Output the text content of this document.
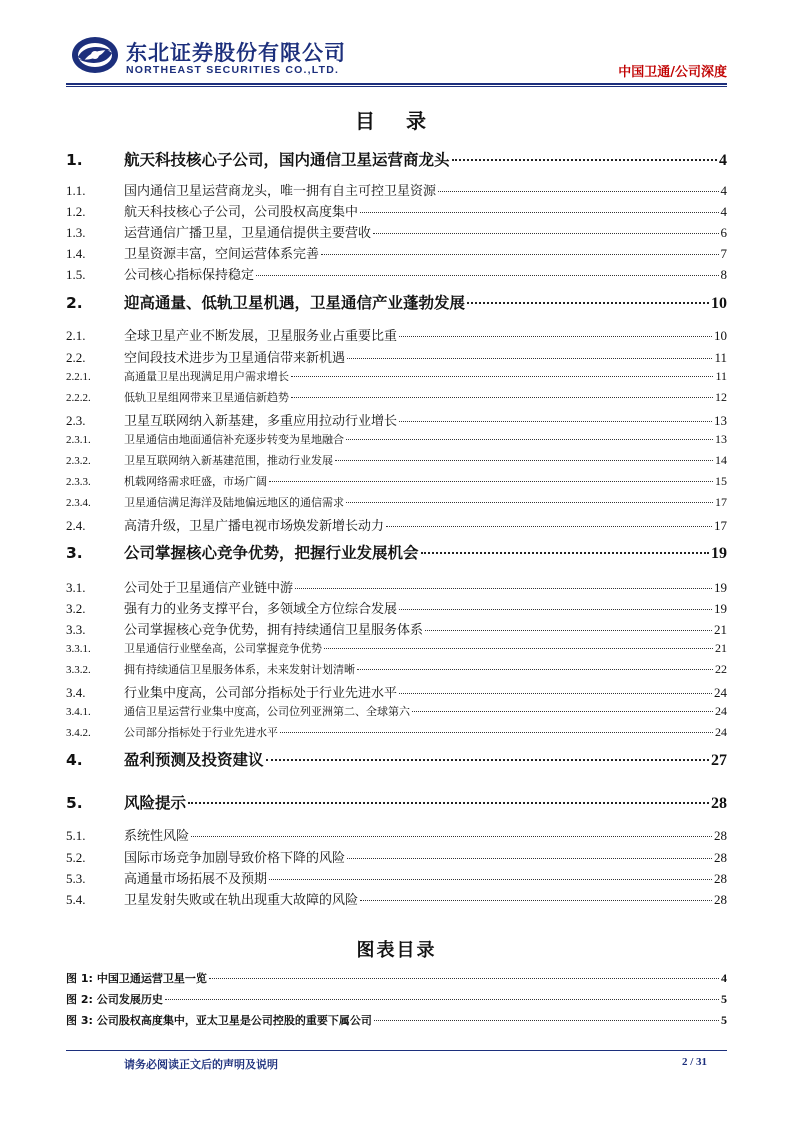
东北证券股份有限公司
NORTHEAST SECURITIES CO.,LTD.	中国卫通/公司深度
目 录
1.	航天科技核心子公司，国内通信卫星运营商龙头	4
1.1.	国内通信卫星运营商龙头，唯一拥有自主可控卫星资源	4
1.2.	航天科技核心子公司，公司股权高度集中	4
1.3.	运营通信广播卫星，卫星通信提供主要营收	6
1.4.	卫星资源丰富，空间运营体系完善	7
1.5.	公司核心指标保持稳定	8
2.	迎高通量、低轨卫星机遇，卫星通信产业蓬勃发展	10
2.1.	全球卫星产业不断发展，卫星服务业占重要比重	10
2.2.	空间段技术进步为卫星通信带来新机遇	11
2.2.1.	高通量卫星出现满足用户需求增长	11
2.2.2.	低轨卫星组网带来卫星通信新趋势	12
2.3.	卫星互联网纳入新基建，多重应用拉动行业增长	13
2.3.1.	卫星通信由地面通信补充逐步转变为星地融合	13
2.3.2.	卫星互联网纳入新基建范围，推动行业发展	14
2.3.3.	机载网络需求旺盛，市场广阔	15
2.3.4.	卫星通信满足海洋及陆地偏远地区的通信需求	17
2.4.	高清升级，卫星广播电视市场焕发新增长动力	17
3.	公司掌握核心竞争优势，把握行业发展机会	19
3.1.	公司处于卫星通信产业链中游	19
3.2.	强有力的业务支撑平台，多领域全方位综合发展	19
3.3.	公司掌握核心竞争优势，拥有持续通信卫星服务体系	21
3.3.1.	卫星通信行业壁垒高，公司掌握竞争优势	21
3.3.2.	拥有持续通信卫星服务体系，未来发射计划清晰	22
3.4.	行业集中度高，公司部分指标处于行业先进水平	24
3.4.1.	通信卫星运营行业集中度高，公司位列亚洲第二、全球第六	24
3.4.2.	公司部分指标处于行业先进水平	24
4.	盈利预测及投资建议	27
5.	风险提示	28
5.1.	系统性风险	28
5.2.	国际市场竞争加剧导致价格下降的风险	28
5.3.	高通量市场拓展不及预期	28
5.4.	卫星发射失败或在轨出现重大故障的风险	28
图表目录
图 1: 中国卫通运营卫星一览	4
图 2: 公司发展历史	5
图 3: 公司股权高度集中，亚太卫星是公司控股的重要下属公司	5
请务必阅读正文后的声明及说明	2 / 31
